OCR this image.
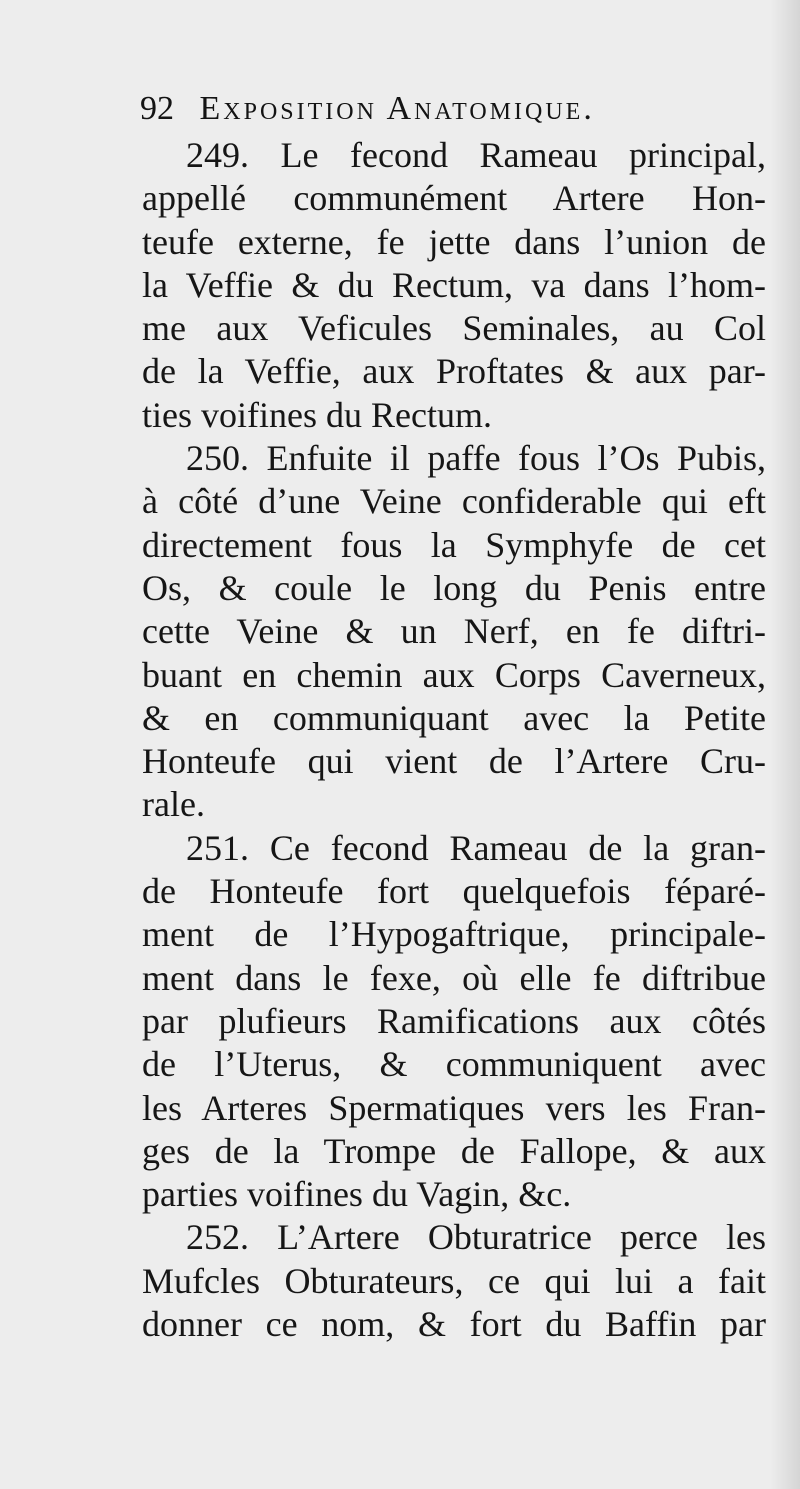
92 Exposition Anatomique.
249. Le fecond Rameau principal,
appellé communément Artere Hon-
teufe externe, fe jette dans l’union de
la Veffie & du Rectum, va dans l’hom-
me aux Veficules Seminales, au Col
de la Veffie, aux Proftates & aux par-
ties voifines du Rectum.
250. Enfuite il paffe fous l’Os Pubis,
à côté d’une Veine confiderable qui eft
directement fous la Symphyfe de cet
Os, & coule le long du Penis entre
cette Veine & un Nerf, en fe diftri-
buant en chemin aux Corps Caverneux,
& en communiquant avec la Petite
Honteufe qui vient de l’Artere Cru-
rale.
251. Ce fecond Rameau de la gran-
de Honteufe fort quelquefois féparé-
ment de l’Hypogaftrique, principale-
ment dans le fexe, où elle fe diftribue
par plufieurs Ramifications aux côtés
de l’Uterus, & communiquent avec
les Arteres Spermatiques vers les Fran-
ges de la Trompe de Fallope, & aux
parties voifines du Vagin, &c.
252. L’Artere Obturatrice perce les
Mufcles Obturateurs, ce qui lui a fait
donner ce nom, & fort du Baffin par
